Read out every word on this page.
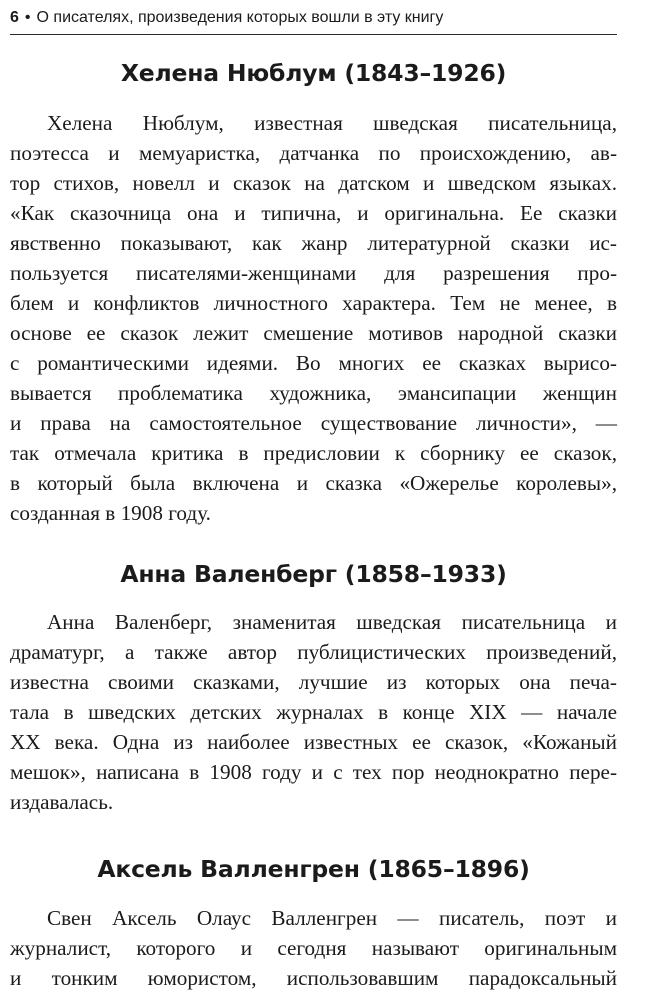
6 • О писателях, произведения которых вошли в эту книгу
Хелена Нюблум (1843–1926)
Хелена Нюблум, известная шведская писательница,
поэтесса и мемуаристка, датчанка по происхождению, ав-
тор стихов, новелл и сказок на датском и шведском языках.
«Как сказочница она и типична, и оригинальна. Ее сказки
явственно показывают, как жанр литературной сказки ис-
пользуется писателями-женщинами для разрешения про-
блем и конфликтов личностного характера. Тем не менее, в
основе ее сказок лежит смешение мотивов народной сказки
с романтическими идеями. Во многих ее сказках вырисо-
вывается проблематика художника, эмансипации женщин
и права на самостоятельное существование личности», —
так отмечала критика в предисловии к сборнику ее сказок,
в который была включена и сказка «Ожерелье королевы»,
созданная в 1908 году.
Анна Валенберг (1858–1933)
Анна Валенберг, знаменитая шведская писательница и
драматург, а также автор публицистических произведений,
известна своими сказками, лучшие из которых она печа-
тала в шведских детских журналах в конце XIX — начале
XX века. Одна из наиболее известных ее сказок, «Кожаный
мешок», написана в 1908 году и с тех пор неоднократно пере-
издавалась.
Аксель Валленгрен (1865–1896)
Свен Аксель Олаус Валленгрен — писатель, поэт и
журналист, которого и сегодня называют оригинальным
и тонким юмористом, использовавшим парадоксальный
